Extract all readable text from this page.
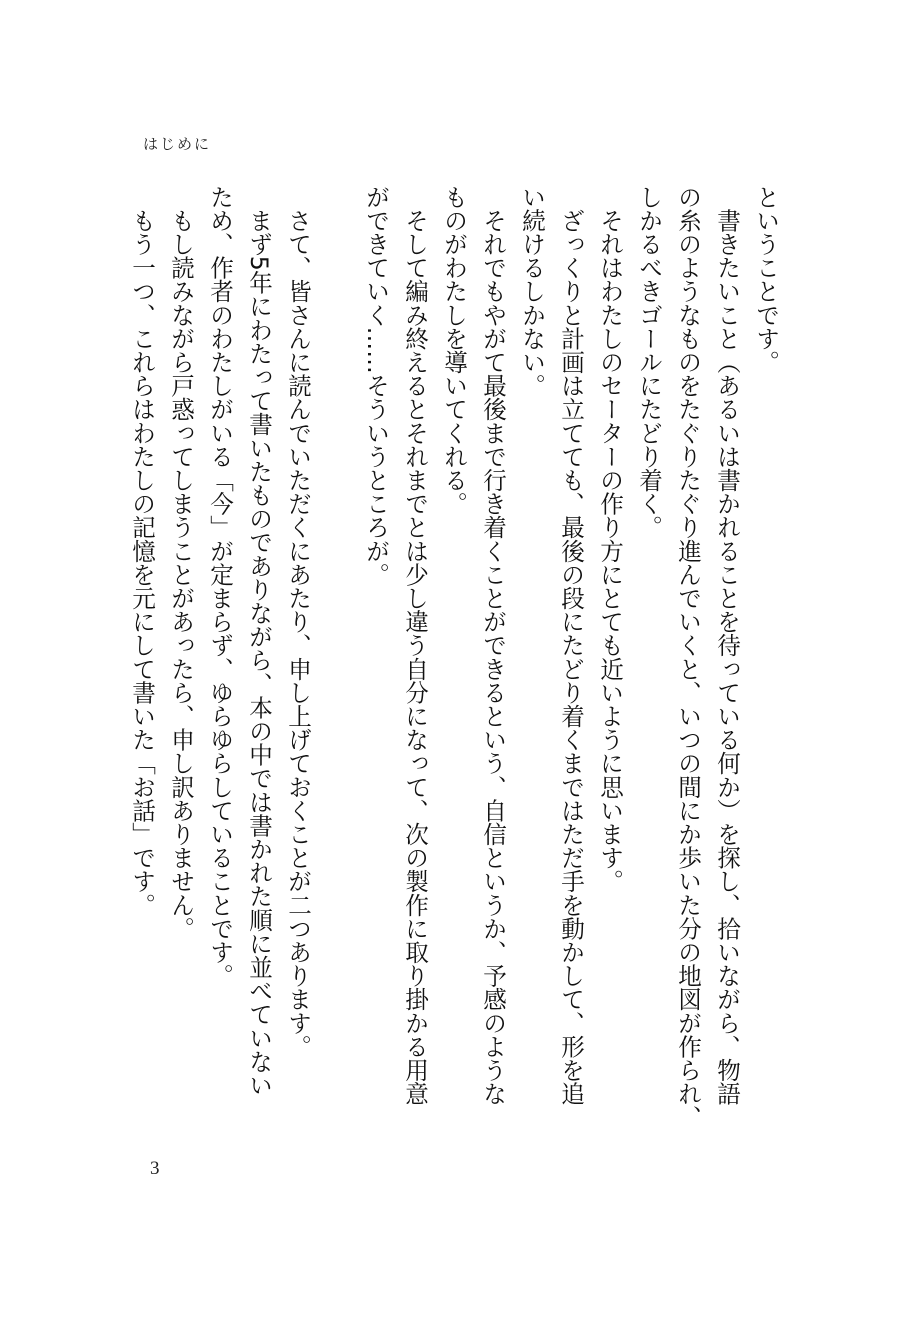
はじめに

ということです。

　書きたいこと（あるいは書かれることを待っている何か）を探し、拾いながら、物語

の糸のようなものをたぐりたぐり進んでいくと、いつの間にか歩いた分の地図が作られ、

しかるべきゴールにたどり着く。

　それはわたしのセーターの作り方にとても近いように思います。

　ざっくりと計画は立てても、最後の段にたどり着くまではただ手を動かして、形を追

い続けるしかない。

　それでもやがて最後まで行き着くことができるという、自信というか、予感のような

ものがわたしを導いてくれる。

　そして編み終えるとそれまでとは少し違う自分になって、次の製作に取り掛かる用意

ができていく……そういうところが。

　さて、皆さんに読んでいただくにあたり、申し上げておくことが二つあります。

　まず5年にわたって書いたものでありながら、本の中では書かれた順に並べていない

ため、作者のわたしがいる「今」が定まらず、ゆらゆらしていることです。

　もし読みながら戸惑ってしまうことがあったら、申し訳ありません。

　もう一つ、これらはわたしの記憶を元にして書いた「お話」です。

3
